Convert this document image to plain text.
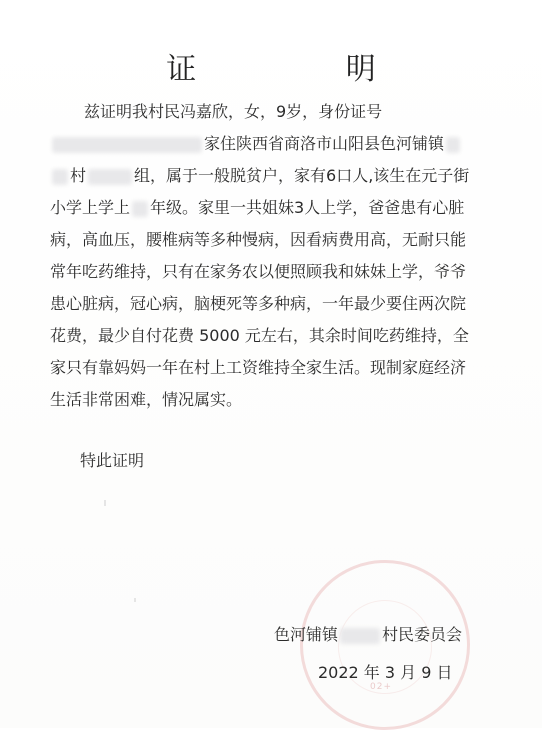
证 明
兹证明我村民冯嘉欣，女，9岁，身份证号
家住陕西省商洛市山阳县色河铺镇
村	组，属于一般脱贫户，家有6口人,该生在元子街
小学上学上 年级。家里一共姐妹3人上学，爸爸患有心脏
病，高血压，腰椎病等多种慢病，因看病费用高，无耐只能
常年吃药维持，只有在家务农以便照顾我和妹妹上学，爷爷
患心脏病，冠心病，脑梗死等多种病，一年最少要住两次院
花费，最少自付花费 5000 元左右，其余时间吃药维持，全
家只有靠妈妈一年在村上工资维持全家生活。现制家庭经济
生活非常困难，情况属实。
特此证明
02+
色河铺镇	村民委员会
2022 年 3 月 9 日
